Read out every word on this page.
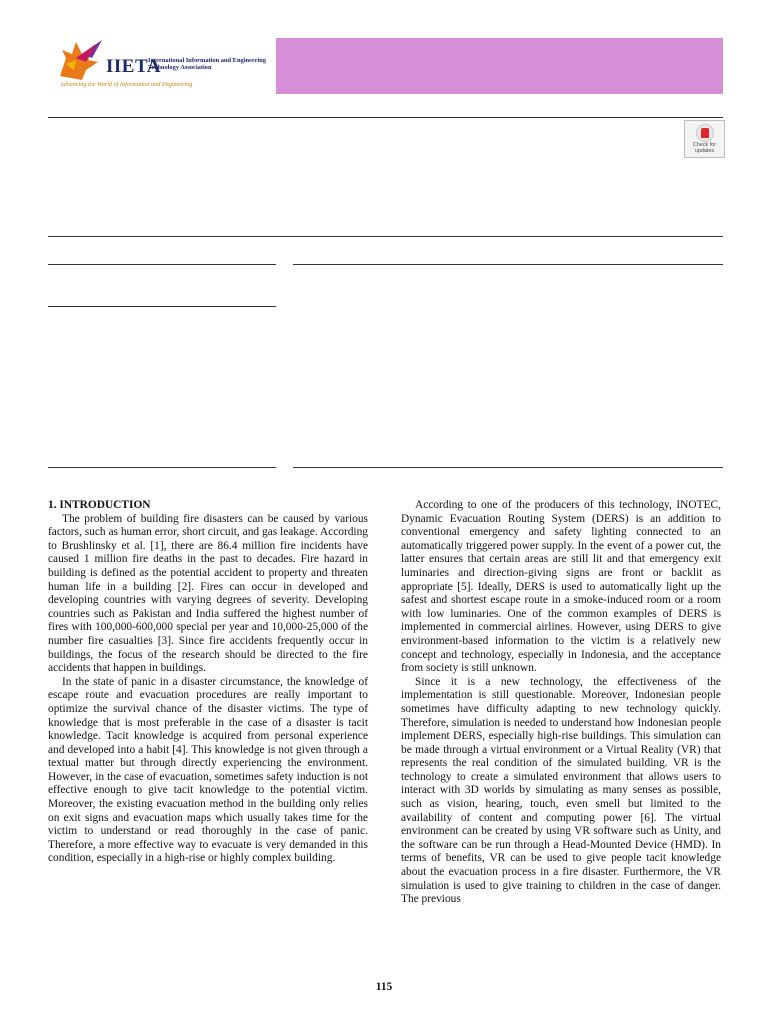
IIETA
International Information and Engineering Technology Association
Advancing the World of Information and Engineering
Check for updates

1. INTRODUCTION

The problem of building fire disasters can be caused by various factors, such as human error, short circuit, and gas leakage. According to Brushlinsky et al. [1], there are 86.4 million fire incidents have caused 1 million fire deaths in the past to decades. Fire hazard in building is defined as the potential accident to property and threaten human life in a building [2]. Fires can occur in developed and developing countries with varying degrees of severity. Developing countries such as Pakistan and India suffered the highest number of fires with 100,000-600,000 special per year and 10,000-25,000 of the number fire casualties [3]. Since fire accidents frequently occur in buildings, the focus of the research should be directed to the fire accidents that happen in buildings.

In the state of panic in a disaster circumstance, the knowledge of escape route and evacuation procedures are really important to optimize the survival chance of the disaster victims. The type of knowledge that is most preferable in the case of a disaster is tacit knowledge. Tacit knowledge is acquired from personal experience and developed into a habit [4]. This knowledge is not given through a textual matter but through directly experiencing the environment. However, in the case of evacuation, sometimes safety induction is not effective enough to give tacit knowledge to the potential victim. Moreover, the existing evacuation method in the building only relies on exit signs and evacuation maps which usually takes time for the victim to understand or read thoroughly in the case of panic. Therefore, a more effective way to evacuate is very demanded in this condition, especially in a high-rise or highly complex building.

According to one of the producers of this technology, INOTEC, Dynamic Evacuation Routing System (DERS) is an addition to conventional emergency and safety lighting connected to an automatically triggered power supply. In the event of a power cut, the latter ensures that certain areas are still lit and that emergency exit luminaries and direction-giving signs are front or backlit as appropriate [5]. Ideally, DERS is used to automatically light up the safest and shortest escape route in a smoke-induced room or a room with low luminaries. One of the common examples of DERS is implemented in commercial airlines. However, using DERS to give environment-based information to the victim is a relatively new concept and technology, especially in Indonesia, and the acceptance from society is still unknown.

Since it is a new technology, the effectiveness of the implementation is still questionable. Moreover, Indonesian people sometimes have difficulty adapting to new technology quickly. Therefore, simulation is needed to understand how Indonesian people implement DERS, especially high-rise buildings. This simulation can be made through a virtual environment or a Virtual Reality (VR) that represents the real condition of the simulated building. VR is the technology to create a simulated environment that allows users to interact with 3D worlds by simulating as many senses as possible, such as vision, hearing, touch, even smell but limited to the availability of content and computing power [6]. The virtual environment can be created by using VR software such as Unity, and the software can be run through a Head-Mounted Device (HMD). In terms of benefits, VR can be used to give people tacit knowledge about the evacuation process in a fire disaster. Furthermore, the VR simulation is used to give training to children in the case of danger. The previous

115
